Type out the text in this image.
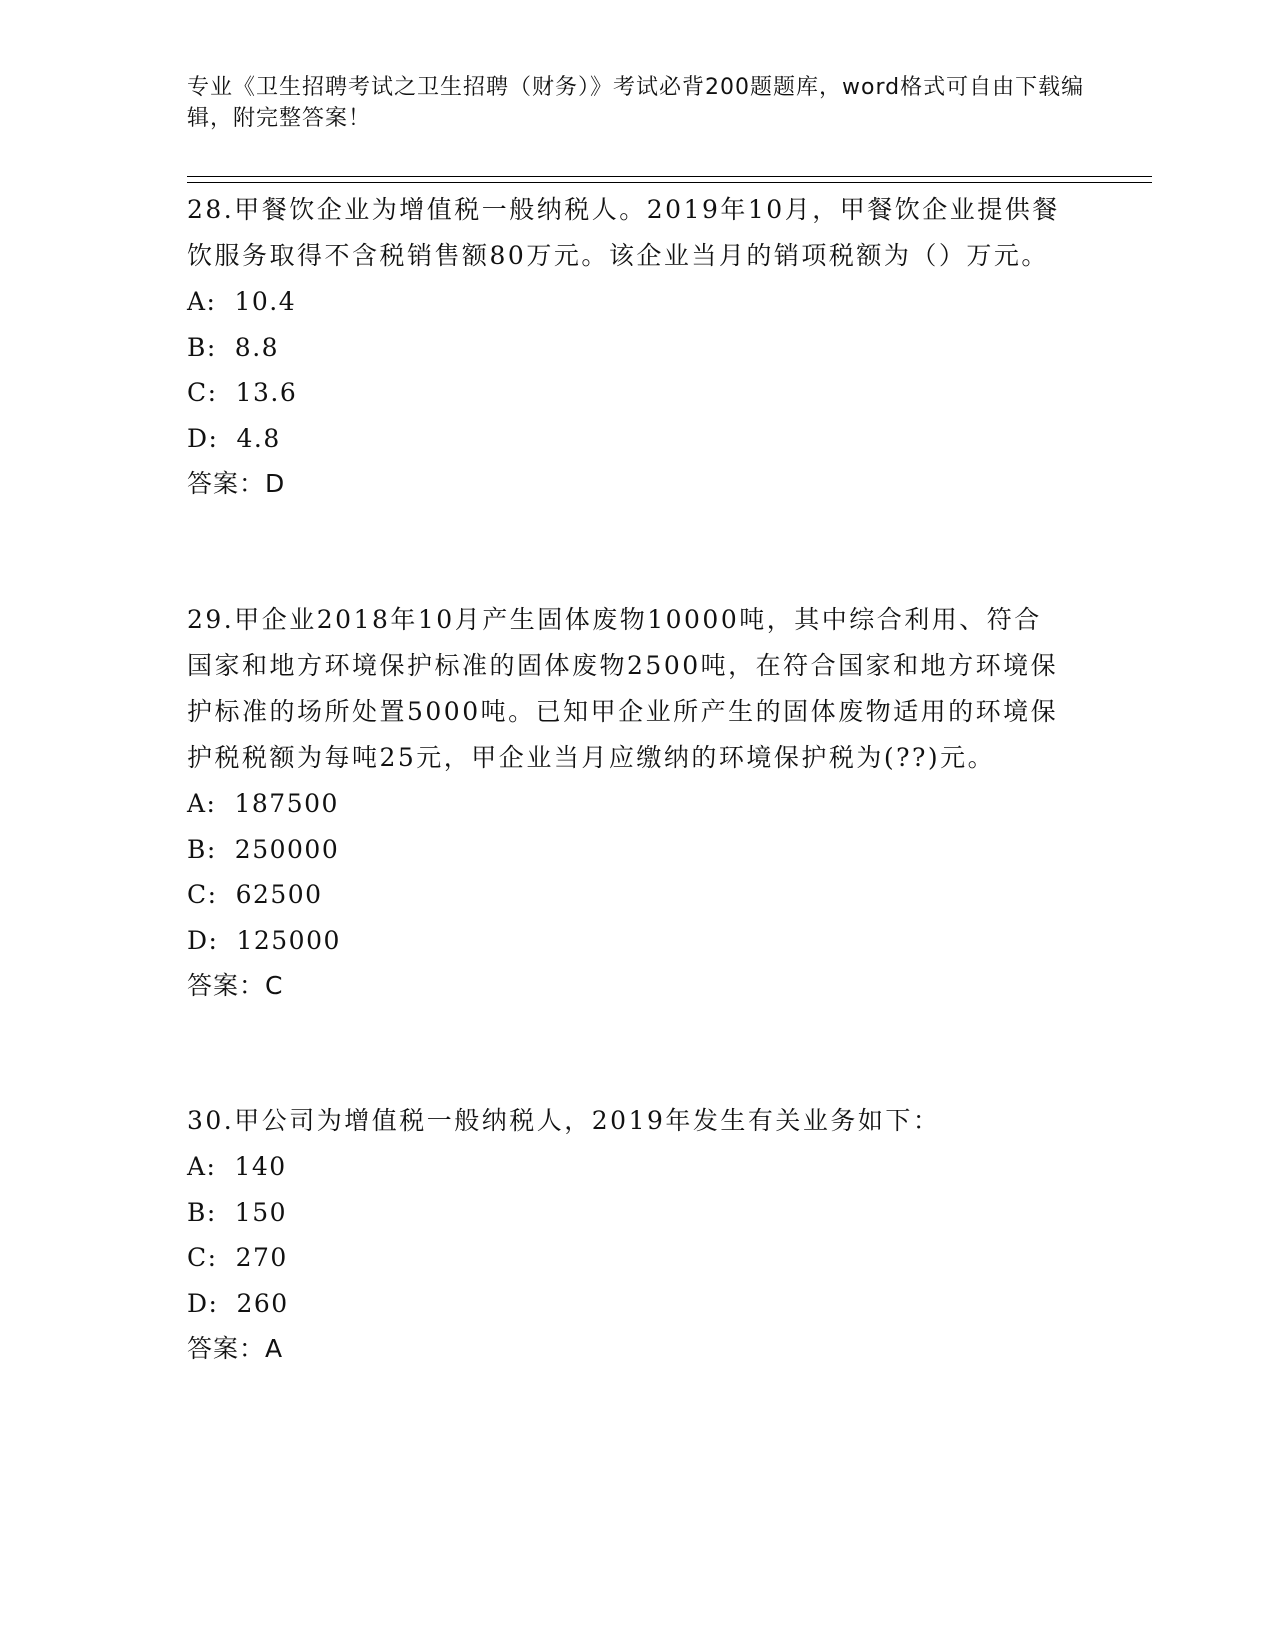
专业《卫生招聘考试之卫生招聘（财务）》考试必背200题题库，word格式可自由下载编辑，附完整答案！

28.甲餐饮企业为增值税一般纳税人。2019年10月，甲餐饮企业提供餐饮服务取得不含税销售额80万元。该企业当月的销项税额为（）万元。

A: 10.4
B: 8.8
C: 13.6
D: 4.8

答案：D

29.甲企业2018年10月产生固体废物10000吨，其中综合利用、符合国家和地方环境保护标准的固体废物2500吨，在符合国家和地方环境保护标准的场所处置5000吨。已知甲企业所产生的固体废物适用的环境保护税税额为每吨25元，甲企业当月应缴纳的环境保护税为(??)元。

A: 187500
B: 250000
C: 62500
D: 125000

答案：C

30.甲公司为增值税一般纳税人，2019年发生有关业务如下：

A: 140
B: 150
C: 270
D: 260

答案：A
